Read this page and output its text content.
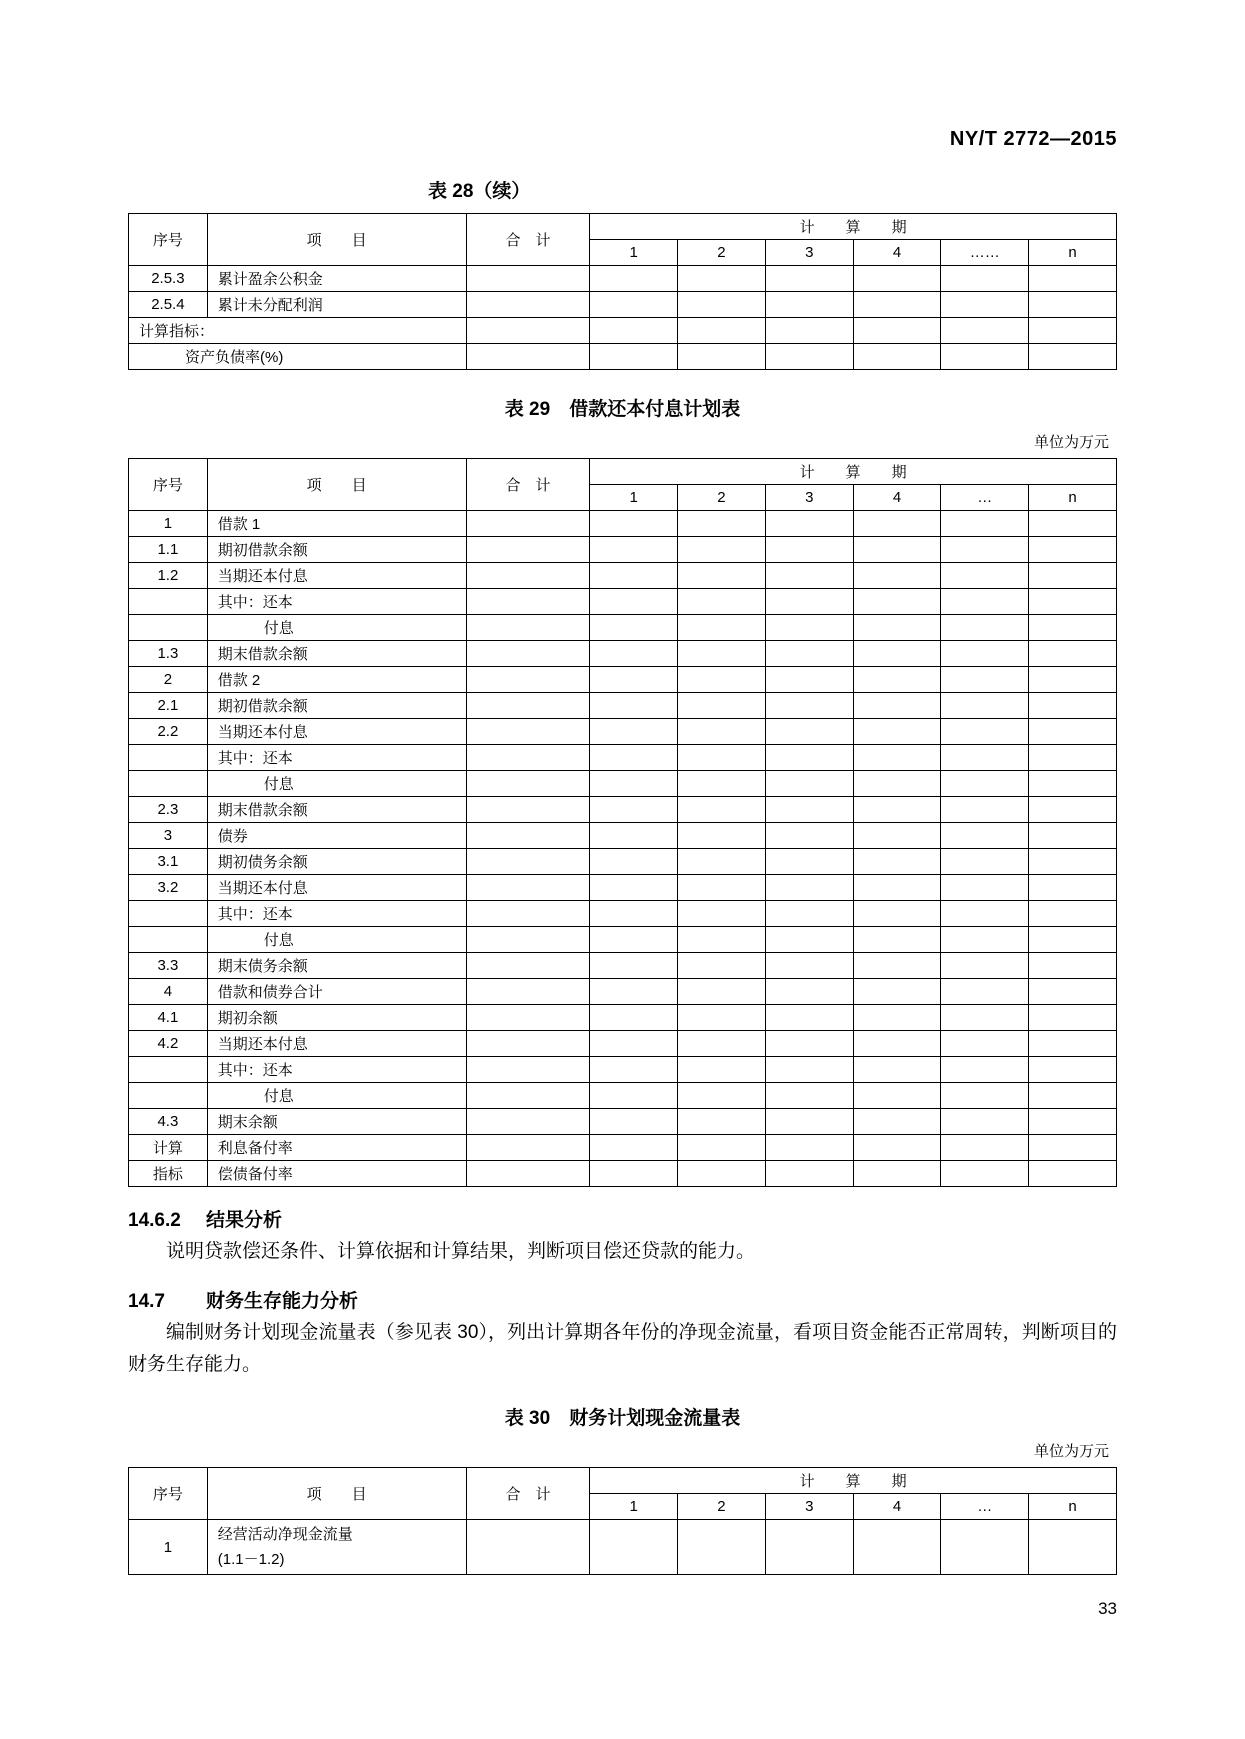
NY/T 2772—2015
表 28（续）
序号	项　　目	合　计	计　算　期					
			1	2	3	4	……	n
2.5.3	累计盈余公积金							
2.5.4	累计未分配利润							
计算指标：								
资产负债率(%)								
表 29　借款还本付息计划表
单位为万元
序号	项　　目	合　计	计　算　期					
			1	2	3	4	…	n
1	借款 1							
1.1	期初借款余额							
1.2	当期还本付息							
	其中：还本							
	付息							
1.3	期末借款余额							
2	借款 2							
2.1	期初借款余额							
2.2	当期还本付息							
	其中：还本							
	付息							
2.3	期末借款余额							
3	债券							
3.1	期初债务余额							
3.2	当期还本付息							
	其中：还本							
	付息							
3.3	期末债务余额							
4	借款和债券合计							
4.1	期初余额							
4.2	当期还本付息							
	其中：还本							
	付息							
4.3	期末余额							
计算	利息备付率							
指标	偿债备付率							
14.6.2 结果分析
说明贷款偿还条件、计算依据和计算结果，判断项目偿还贷款的能力。
14.7 财务生存能力分析
编制财务计划现金流量表（参见表 30），列出计算期各年份的净现金流量，看项目资金能否正常周转，判断项目的财务生存能力。
表 30　财务计划现金流量表
单位为万元
序号	项　　目	合　计	计　算　期					
			1	2	3	4	…	n
1	经营活动净现金流量
(1.1－1.2)							

33
